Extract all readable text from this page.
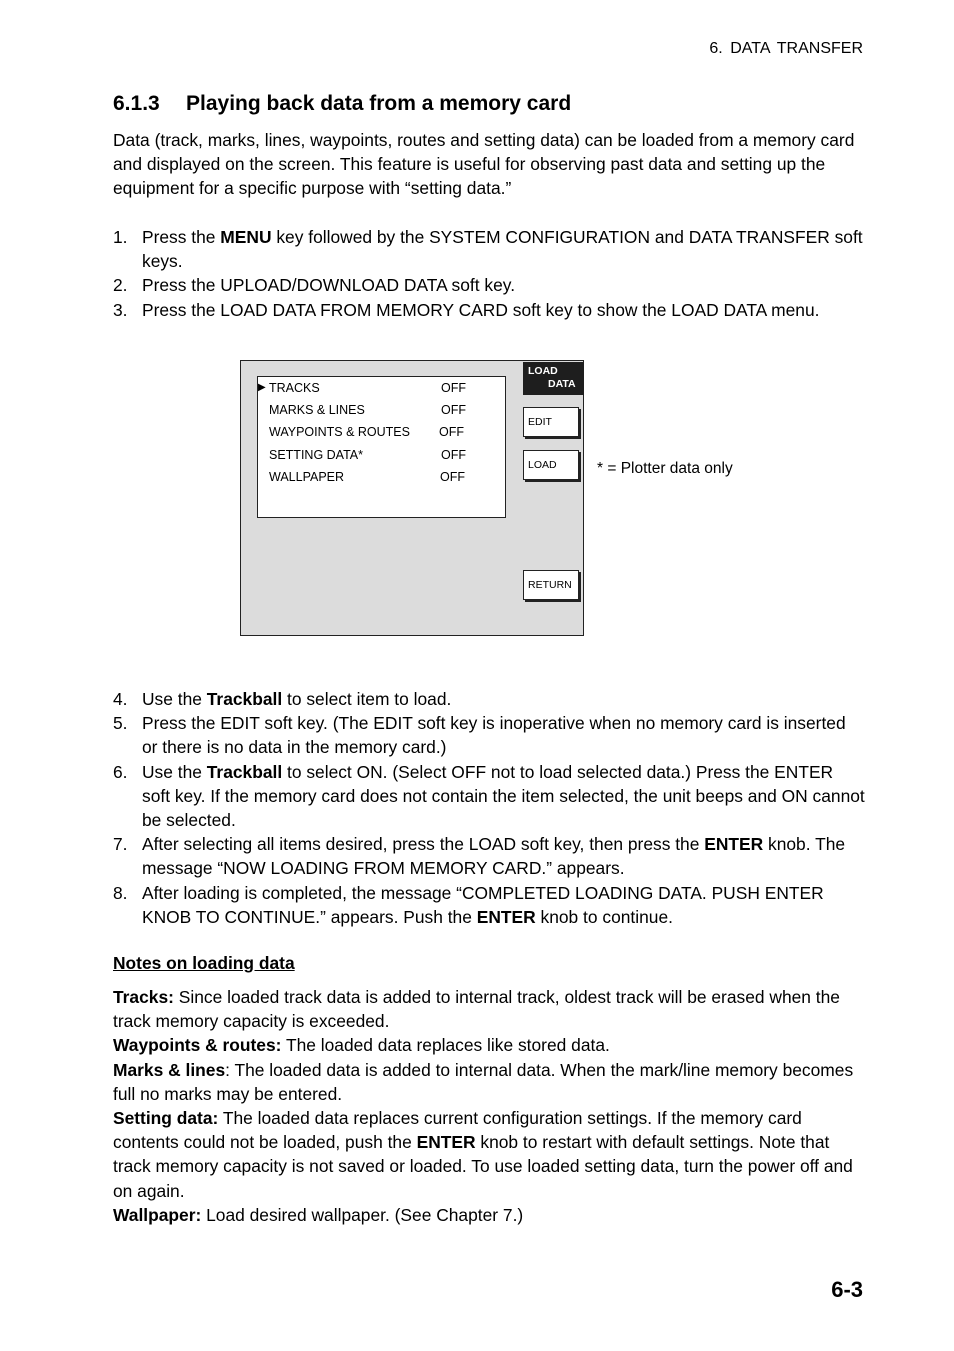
6. DATA TRANSFER
6.1.3 Playing back data from a memory card

Data (track, marks, lines, waypoints, routes and setting data) can be loaded from a memory card and displayed on the screen. This feature is useful for observing past data and setting up the equipment for a specific purpose with “setting data.”

1. Press the MENU key followed by the SYSTEM CONFIGURATION and DATA TRANSFER soft keys.
2. Press the UPLOAD/DOWNLOAD DATA soft key.
3. Press the LOAD DATA FROM MEMORY CARD soft key to show the LOAD DATA menu.
▶ TRACKS	OFF
MARKS & LINES	OFF
WAYPOINTS & ROUTES OFF
SETTING DATA*	OFF
WALLPAPER	OFF
LOAD
DATA
EDIT
LOAD
RETURN
* = Plotter data only
4. Use the Trackball to select item to load.
5. Press the EDIT soft key. (The EDIT soft key is inoperative when no memory card is inserted or there is no data in the memory card.)
6. Use the Trackball to select ON. (Select OFF not to load selected data.) Press the ENTER soft key. If the memory card does not contain the item selected, the unit beeps and ON cannot be selected.
7. After selecting all items desired, press the LOAD soft key, then press the ENTER knob. The message “NOW LOADING FROM MEMORY CARD.” appears.
8. After loading is completed, the message “COMPLETED LOADING DATA. PUSH ENTER KNOB TO CONTINUE.” appears. Push the ENTER knob to continue.
Notes on loading data

Tracks: Since loaded track data is added to internal track, oldest track will be erased when the track memory capacity is exceeded.

Waypoints & routes: The loaded data replaces like stored data.

Marks & lines: The loaded data is added to internal data. When the mark/line memory becomes full no marks may be entered.

Setting data: The loaded data replaces current configuration settings. If the memory card contents could not be loaded, push the ENTER knob to restart with default settings. Note that track memory capacity is not saved or loaded. To use loaded setting data, turn the power off and on again.

Wallpaper: Load desired wallpaper. (See Chapter 7.)

6-3
